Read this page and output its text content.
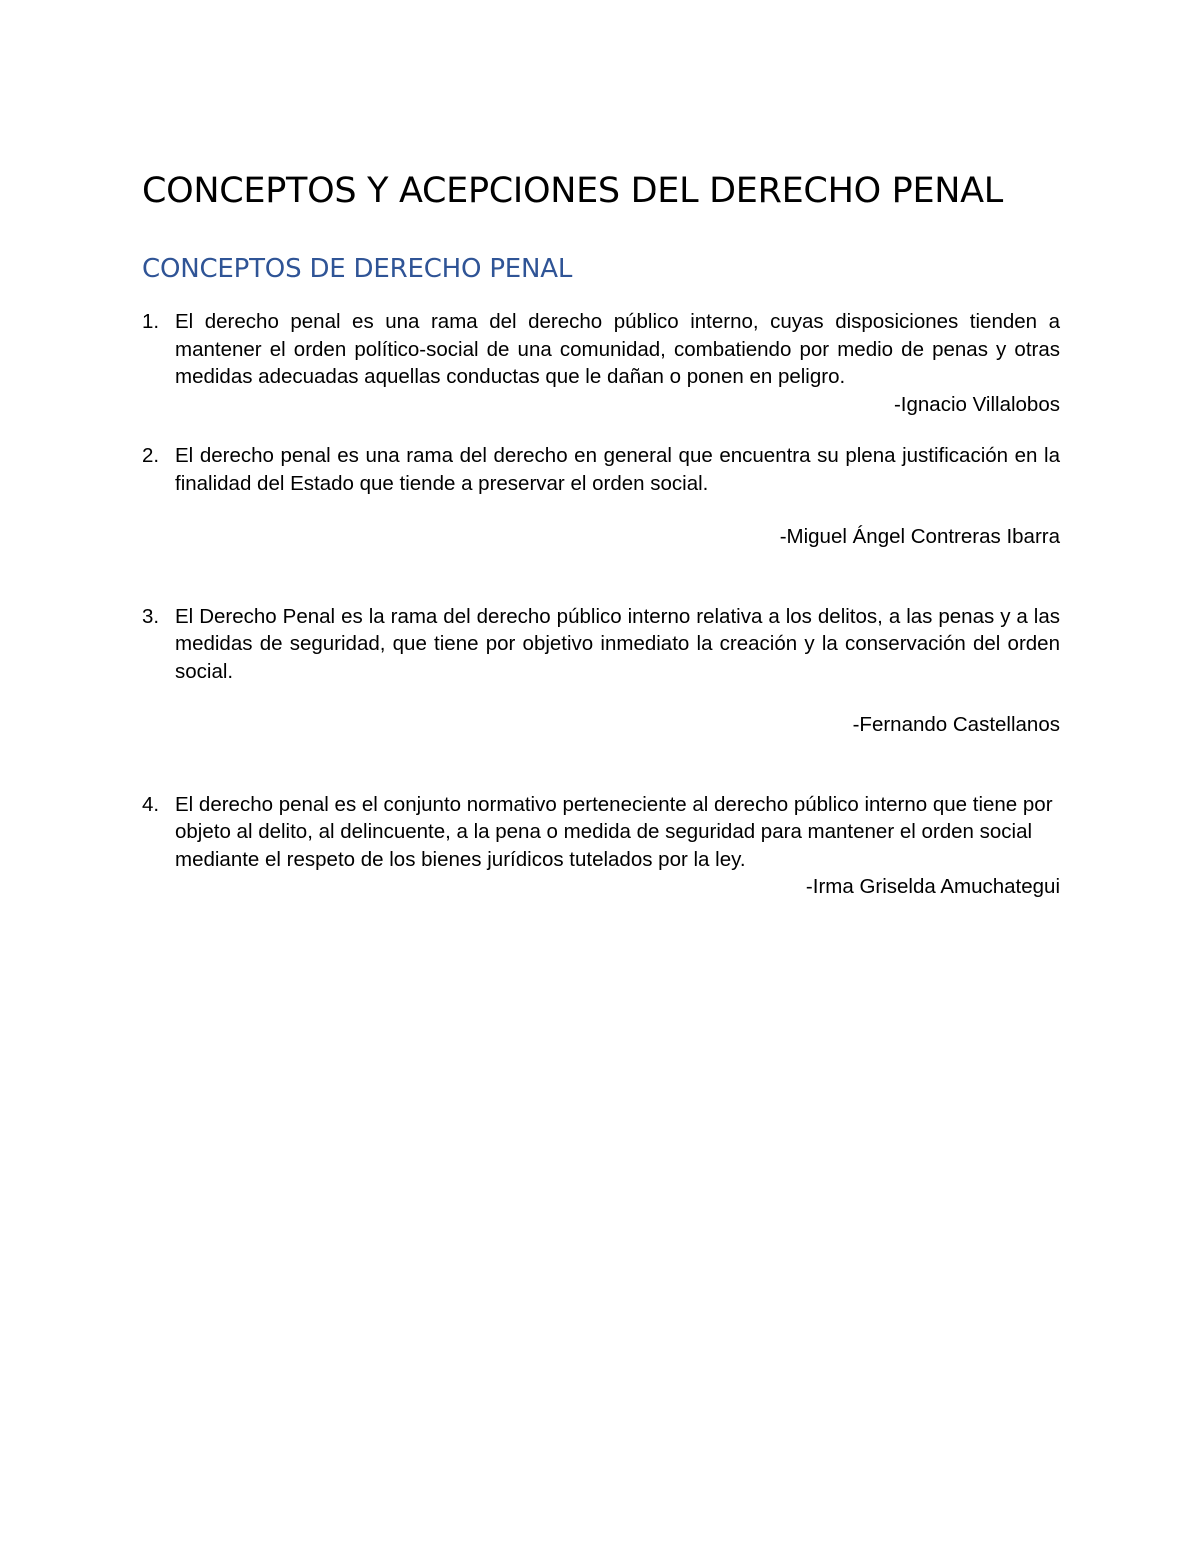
CONCEPTOS Y ACEPCIONES DEL DERECHO PENAL
CONCEPTOS DE DERECHO PENAL
1. El derecho penal es una rama del derecho público interno, cuyas disposiciones tienden a mantener el orden político-social de una comunidad, combatiendo por medio de penas y otras medidas adecuadas aquellas conductas que le dañan o ponen en peligro.
-Ignacio Villalobos
2. El derecho penal es una rama del derecho en general que encuentra su plena justificación en la finalidad del Estado que tiende a preservar el orden social.
-Miguel Ángel Contreras Ibarra
3. El Derecho Penal es la rama del derecho público interno relativa a los delitos, a las penas y a las medidas de seguridad, que tiene por objetivo inmediato la creación y la conservación del orden social.
-Fernando Castellanos
4. El derecho penal es el conjunto normativo perteneciente al derecho público interno que tiene por objeto al delito, al delincuente, a la pena o medida de seguridad para mantener el orden social mediante el respeto de los bienes jurídicos tutelados por la ley.
-Irma Griselda Amuchategui
